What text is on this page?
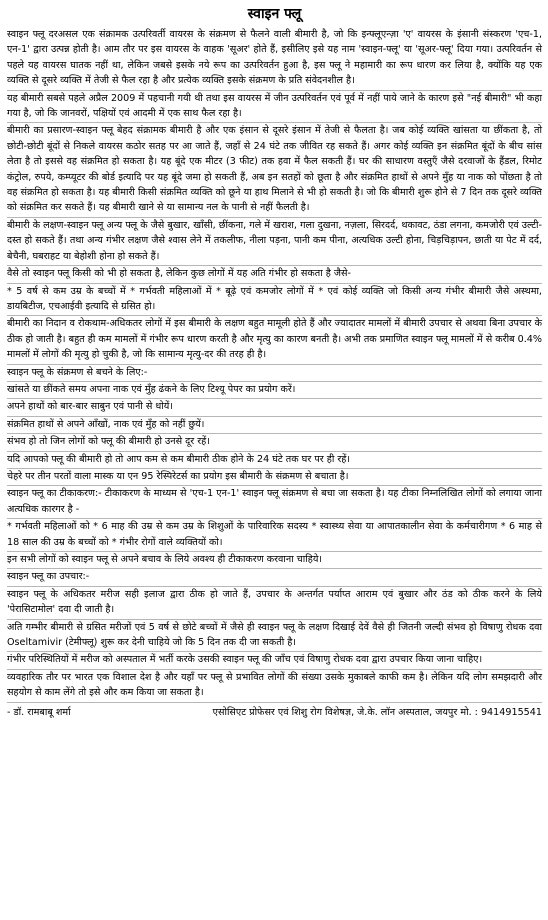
स्वाइन फ्लू

स्वाइन फ्लू दरअसल एक संक्रामक उत्परिवर्ती वायरस के संक्रमण से फैलने वाली बीमारी है, जो कि इन्फ्लूएन्ज़ा 'ए' वायरस के इंसानी संस्करण 'एच-1, एन-1' द्वारा उत्पन्न होती है। आम तौर पर इस वायरस के वाहक 'सूअर' होते हैं, इसीलिए इसे यह नाम 'स्वाइन-फ्लू' या 'सूअर-फ्लू' दिया गया। उत्परिवर्तन से पहले यह वायरस घातक नहीं था, लेकिन जबसे इसके नये रूप का उत्परिवर्तन हुआ है, इस फ्लू ने महामारी का रूप धारण कर लिया है, क्योंकि यह एक व्यक्ति से दूसरे व्यक्ति में तेजी से फैल रहा है और प्रत्येक व्यक्ति इसके संक्रमण के प्रति संवेदनशील है।

यह बीमारी सबसे पहले अप्रैल 2009 में पहचानी गयी थी तथा इस वायरस में जीन उत्परिवर्तन एवं पूर्व में नहीं पाये जाने के कारण इसे "नई बीमारी" भी कहा गया है, जो कि जानवरों, पक्षियों एवं आदमी में एक साथ फैल रहा है।

बीमारी का प्रसारण-स्वाइन फ्लू बेहद संक्रामक बीमारी है और एक इंसान से दूसरे इंसान में तेजी से फैलता है। जब कोई व्यक्ति खांसता या छींकता है, तो छोटी-छोटी बूंदों से निकले वायरस कठोर सतह पर आ जाते हैं, जहाँ से 24 घंटे तक जीवित रह सकते हैं। अगर कोई व्यक्ति इन संक्रमित बूंदों के बीच सांस लेता है तो इससे वह संक्रमित हो सकता है। यह बूंदे एक मीटर (3 फीट) तक हवा में फैल सकती हैं। घर की साधारण वस्तुएँ जैसे दरवाजों के हैंडल, रिमोट कंट्रोल, रुपये, कम्प्यूटर की बोर्ड इत्यादि पर यह बूंदे जमा हो सकती हैं, अब इन सतहों को छूता है और संक्रमित हाथों से अपने मुँह या नाक को पोंछता है तो वह संक्रमित हो सकता है। यह बीमारी किसी संक्रमित व्यक्ति को छूने या हाथ मिलाने से भी हो सकती है। जो कि बीमारी शुरू होने से 7 दिन तक दूसरे व्यक्ति को संक्रमित कर सकते हैं। यह बीमारी खाने से या सामान्य नल के पानी से नहीं फैलती है।

बीमारी के लक्षण-स्वाइन फ्लू अन्य फ्लू के जैसे बुखार, खाँसी, छींकना, गले में खराश, गला दुखना, नज़ला, सिरदर्द, थकावट, ठंडा लगना, कमजोरी एवं उल्टी-दस्त हो सकते हैं। तथा अन्य गंभीर लक्षण जैसे श्वास लेने में तकलीफ, नीला पड़ना, पानी कम पीना, अत्यधिक उल्टी होना, चिड़चिड़ापन, छाती या पेट में दर्द, बेचैनी, घबराहट या बेहोशी होना हो सकते हैं।

वैसे तो स्वाइन फ्लू किसी को भी हो सकता है, लेकिन कुछ लोगों में यह अति गंभीर हो सकता है जैसे-

* 5 वर्ष से कम उम्र के बच्चों में * गर्भवती महिलाओं में * बूढ़े एवं कमजोर लोगों में * एवं कोई व्यक्ति जो किसी अन्य गंभीर बीमारी जैसे अस्थमा, डायबिटीज, एचआईवी इत्यादि से ग्रसित हो।

बीमारी का निदान व रोकथाम-अधिकतर लोगों में इस बीमारी के लक्षण बहुत मामूली होते हैं और ज्यादातर मामलों में बीमारी उपचार से अथवा बिना उपचार के ठीक हो जाती है। बहुत ही कम मामलों में गंभीर रूप धारण करती है और मृत्यु का कारण बनती है। अभी तक प्रमाणित स्वाइन फ्लू मामलों में से करीब 0.4% मामलों में लोगों की मृत्यु हो चुकी है, जो कि सामान्य मृत्यु-दर की तरह ही है।

स्वाइन फ्लू के संक्रमण से बचने के लिए:-

खांसते या छींकते समय अपना नाक एवं मुँह ढंकने के लिए टिश्यू पेपर का प्रयोग करें।

अपने हाथों को बार-बार साबुन एवं पानी से धोयें।

संक्रमित हाथों से अपने आँखों, नाक एवं मुँह को नहीं छुयें।

संभव हो तो जिन लोगों को फ्लू की बीमारी हो उनसे दूर रहें।

यदि आपको फ्लू की बीमारी हो तो आप कम से कम बीमारी ठीक होने के 24 घंटे तक घर पर ही रहें।

चेहरे पर तीन परतों वाला मास्क या एन 95 रेस्पिरेटर्स का प्रयोग इस बीमारी के संक्रमण से बचाता है।

स्वाइन फ्लू का टीकाकरण:- टीकाकरण के माध्यम से 'एच-1 एन-1' स्वाइन फ्लू संक्रमण से बचा जा सकता है। यह टीका निम्नलिखित लोगों को लगाया जाना अत्यधिक कारगर है -

* गर्भवती महिलाओं को * 6 माह की उम्र से कम उम्र के शिशुओं के पारिवारिक सदस्य * स्वास्थ्य सेवा या आपातकालीन सेवा के कर्मचारीगण * 6 माह से 18 साल की उम्र के बच्चों को * गंभीर रोगों वाले व्यक्तियों को।

इन सभी लोगों को स्वाइन फ्लू से अपने बचाव के लिये अवश्य ही टीकाकरण करवाना चाहिये।

स्वाइन फ्लू का उपचार:-

स्वाइन फ्लू के अधिकतर मरीज सही इलाज द्वारा ठीक हो जाते हैं, उपचार के अन्तर्गत पर्याप्त आराम एवं बुखार और ठंड को ठीक करने के लिये 'पेरासिटामोल' दवा दी जाती है।

अति गम्भीर बीमारी से ग्रसित मरीजों एवं 5 वर्ष से छोटे बच्चों में जैसे ही स्वाइन फ्लू के लक्षण दिखाई देवें वैसे ही जितनी जल्दी संभव हो विषाणु रोधक दवा Oseltamivir (टेमीफ्लू) शुरू कर देनी चाहिये जो कि 5 दिन तक दी जा सकती है।

गंभीर परिस्थितियों में मरीज को अस्पताल में भर्ती करके उसकी स्वाइन फ्लू की जाँच एवं विषाणु रोधक दवा द्वारा उपचार किया जाना चाहिए।

व्यवहारिक तौर पर भारत एक विशाल देश है और यहाँ पर फ्लू से प्रभावित लोगों की संख्या उसके मुकाबले काफी कम है। लेकिन यदि लोग समझदारी और सहयोग से काम लेंगे तो इसे और कम किया जा सकता है।

- डॉ. रामबाबू शर्मा	एसोसिएट प्रोफेसर एवं शिशु रोग विशेषज्ञ, जे.के. लॉन अस्पताल, जयपुर मो. : 9414915541
